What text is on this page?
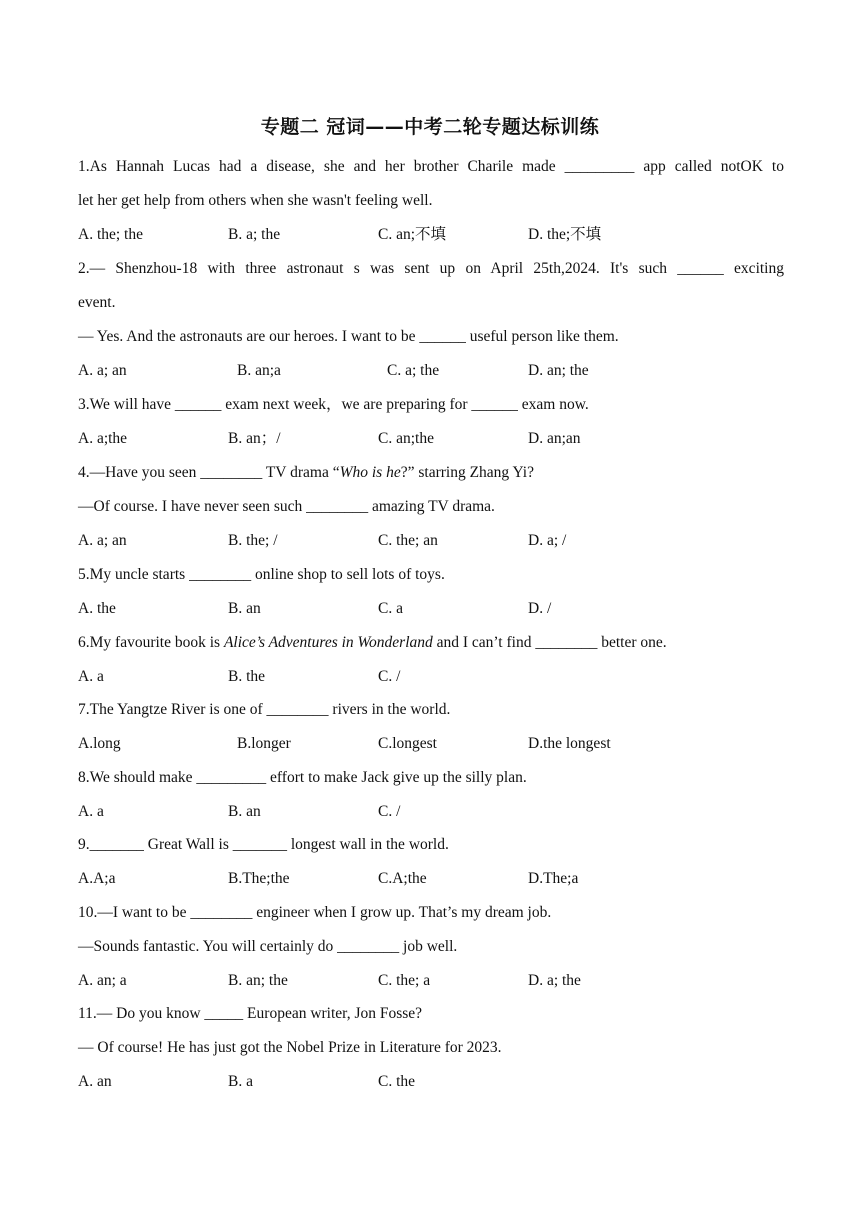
专题二 冠词——中考二轮专题达标训练
1.As Hannah Lucas had a disease, she and her brother Charile made _________ app called notOK to
let her get help from others when she wasn't feeling well.
A. the; the	B. a; the	C. an;不填	D. the;不填
2.— Shenzhou-18 with three astronaut s was sent up on April 25th,2024. It's such ______ exciting
event.
— Yes. And the astronauts are our heroes. I want to be ______ useful person like them.
A. a; an	B. an;a	C. a; the	D. an; the
3.We will have ______ exam next week，we are preparing for ______ exam now.
A. a;the	B. an；/	C. an;the	D. an;an
4.―Have you seen ________ TV drama “Who is he?” starring Zhang Yi?
—Of course. I have never seen such ________ amazing TV drama.
A. a; an	B. the; /	C. the; an	D. a; /
5.My uncle starts ________ online shop to sell lots of toys.
A. the	B. an	C. a	D. /
6.My favourite book is Alice’s Adventures in Wonderland and I can’t find ________ better one.
A. a	B. the	C. /
7.The Yangtze River is one of ________ rivers in the world.
A.long	B.longer	C.longest	D.the longest
8.We should make _________ effort to make Jack give up the silly plan.
A. a	B. an	C. /
9._______ Great Wall is _______ longest wall in the world.
A.A;a	B.The;the	C.A;the	D.The;a
10.—I want to be ________ engineer when I grow up. That’s my dream job.
—Sounds fantastic. You will certainly do ________ job well.
A. an; a	B. an; the	C. the; a	D. a; the
11.— Do you know _____ European writer, Jon Fosse?
— Of course! He has just got the Nobel Prize in Literature for 2023.
A. an	B. a	C. the
